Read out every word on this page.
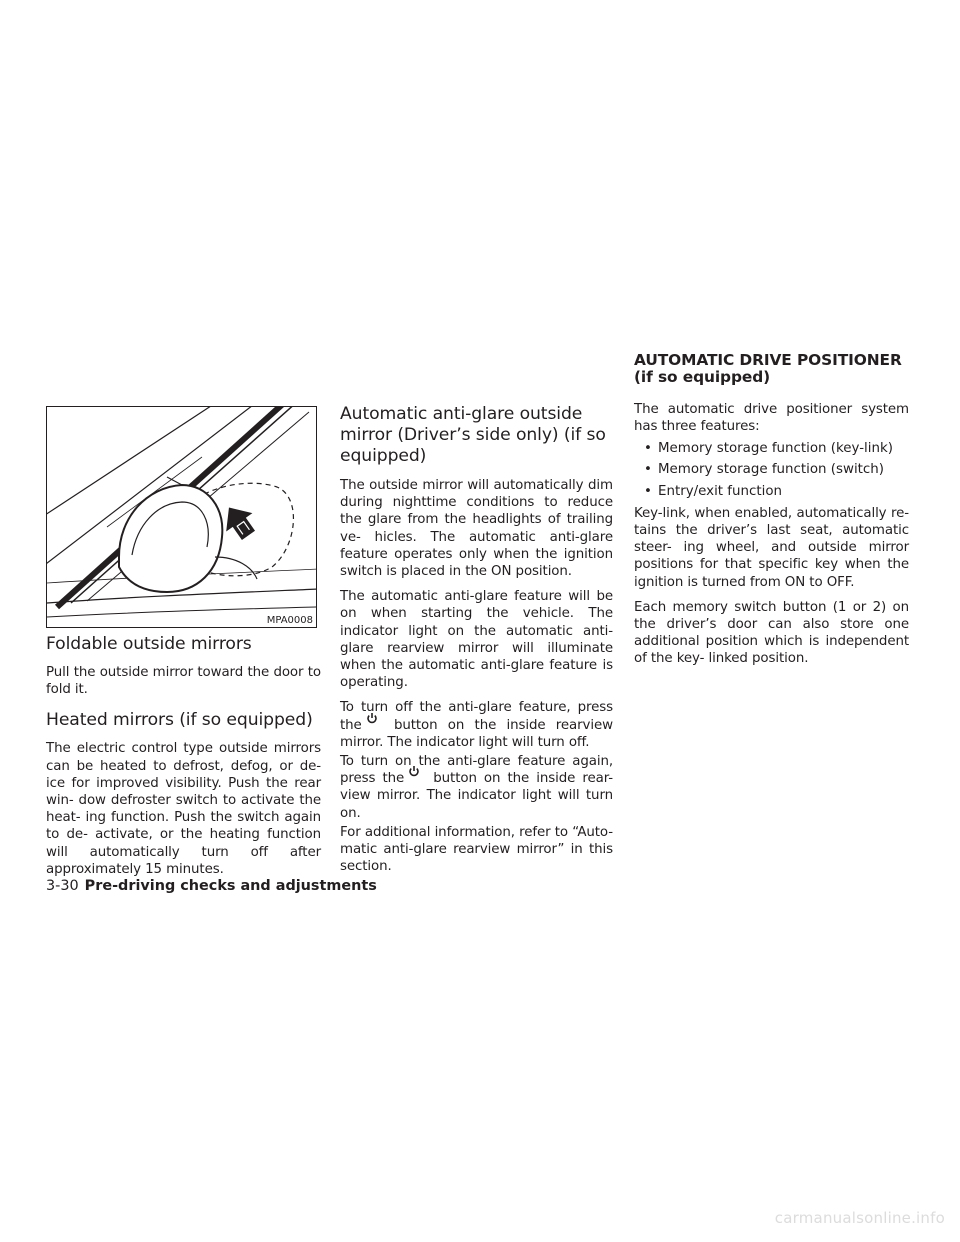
MPA0008
Foldable outside mirrors

Pull the outside mirror toward the door to fold it.

Heated mirrors (if so equipped)

The electric control type outside mirrors can be heated to defrost, defog, or de-ice for improved visibility. Push the rear win- dow defroster switch to activate the heat- ing function. Push the switch again to de- activate, or the heating function will automatically turn off after approximately 15 minutes.

Automatic anti-glare outside mirror (Driver’s side only) (if so equipped)

The outside mirror will automatically dim during nighttime conditions to reduce the glare from the headlights of trailing ve- hicles. The automatic anti-glare feature operates only when the ignition switch is placed in the ON position.

The automatic anti-glare feature will be on when starting the vehicle. The indicator light on the automatic anti-glare rearview mirror will illuminate when the automatic anti-glare feature is operating.

To turn off the anti-glare feature, press the button on the inside rearview mirror. The indicator light will turn off.

To turn on the anti-glare feature again, press the button on the inside rear- view mirror. The indicator light will turn on.

For additional information, refer to “Auto- matic anti-glare rearview mirror” in this section.

AUTOMATIC DRIVE POSITIONER (if so equipped)

The automatic drive positioner system has three features:

• Memory storage function (key-link)

• Memory storage function (switch)

• Entry/exit function

Key-link, when enabled, automatically re- tains the driver’s last seat, automatic steer- ing wheel, and outside mirror positions for that specific key when the ignition is turned from ON to OFF.

Each memory switch button (1 or 2) on the driver’s door can also store one additional position which is independent of the key- linked position.

3-30 Pre-driving checks and adjustments
carmanualsonline.info
